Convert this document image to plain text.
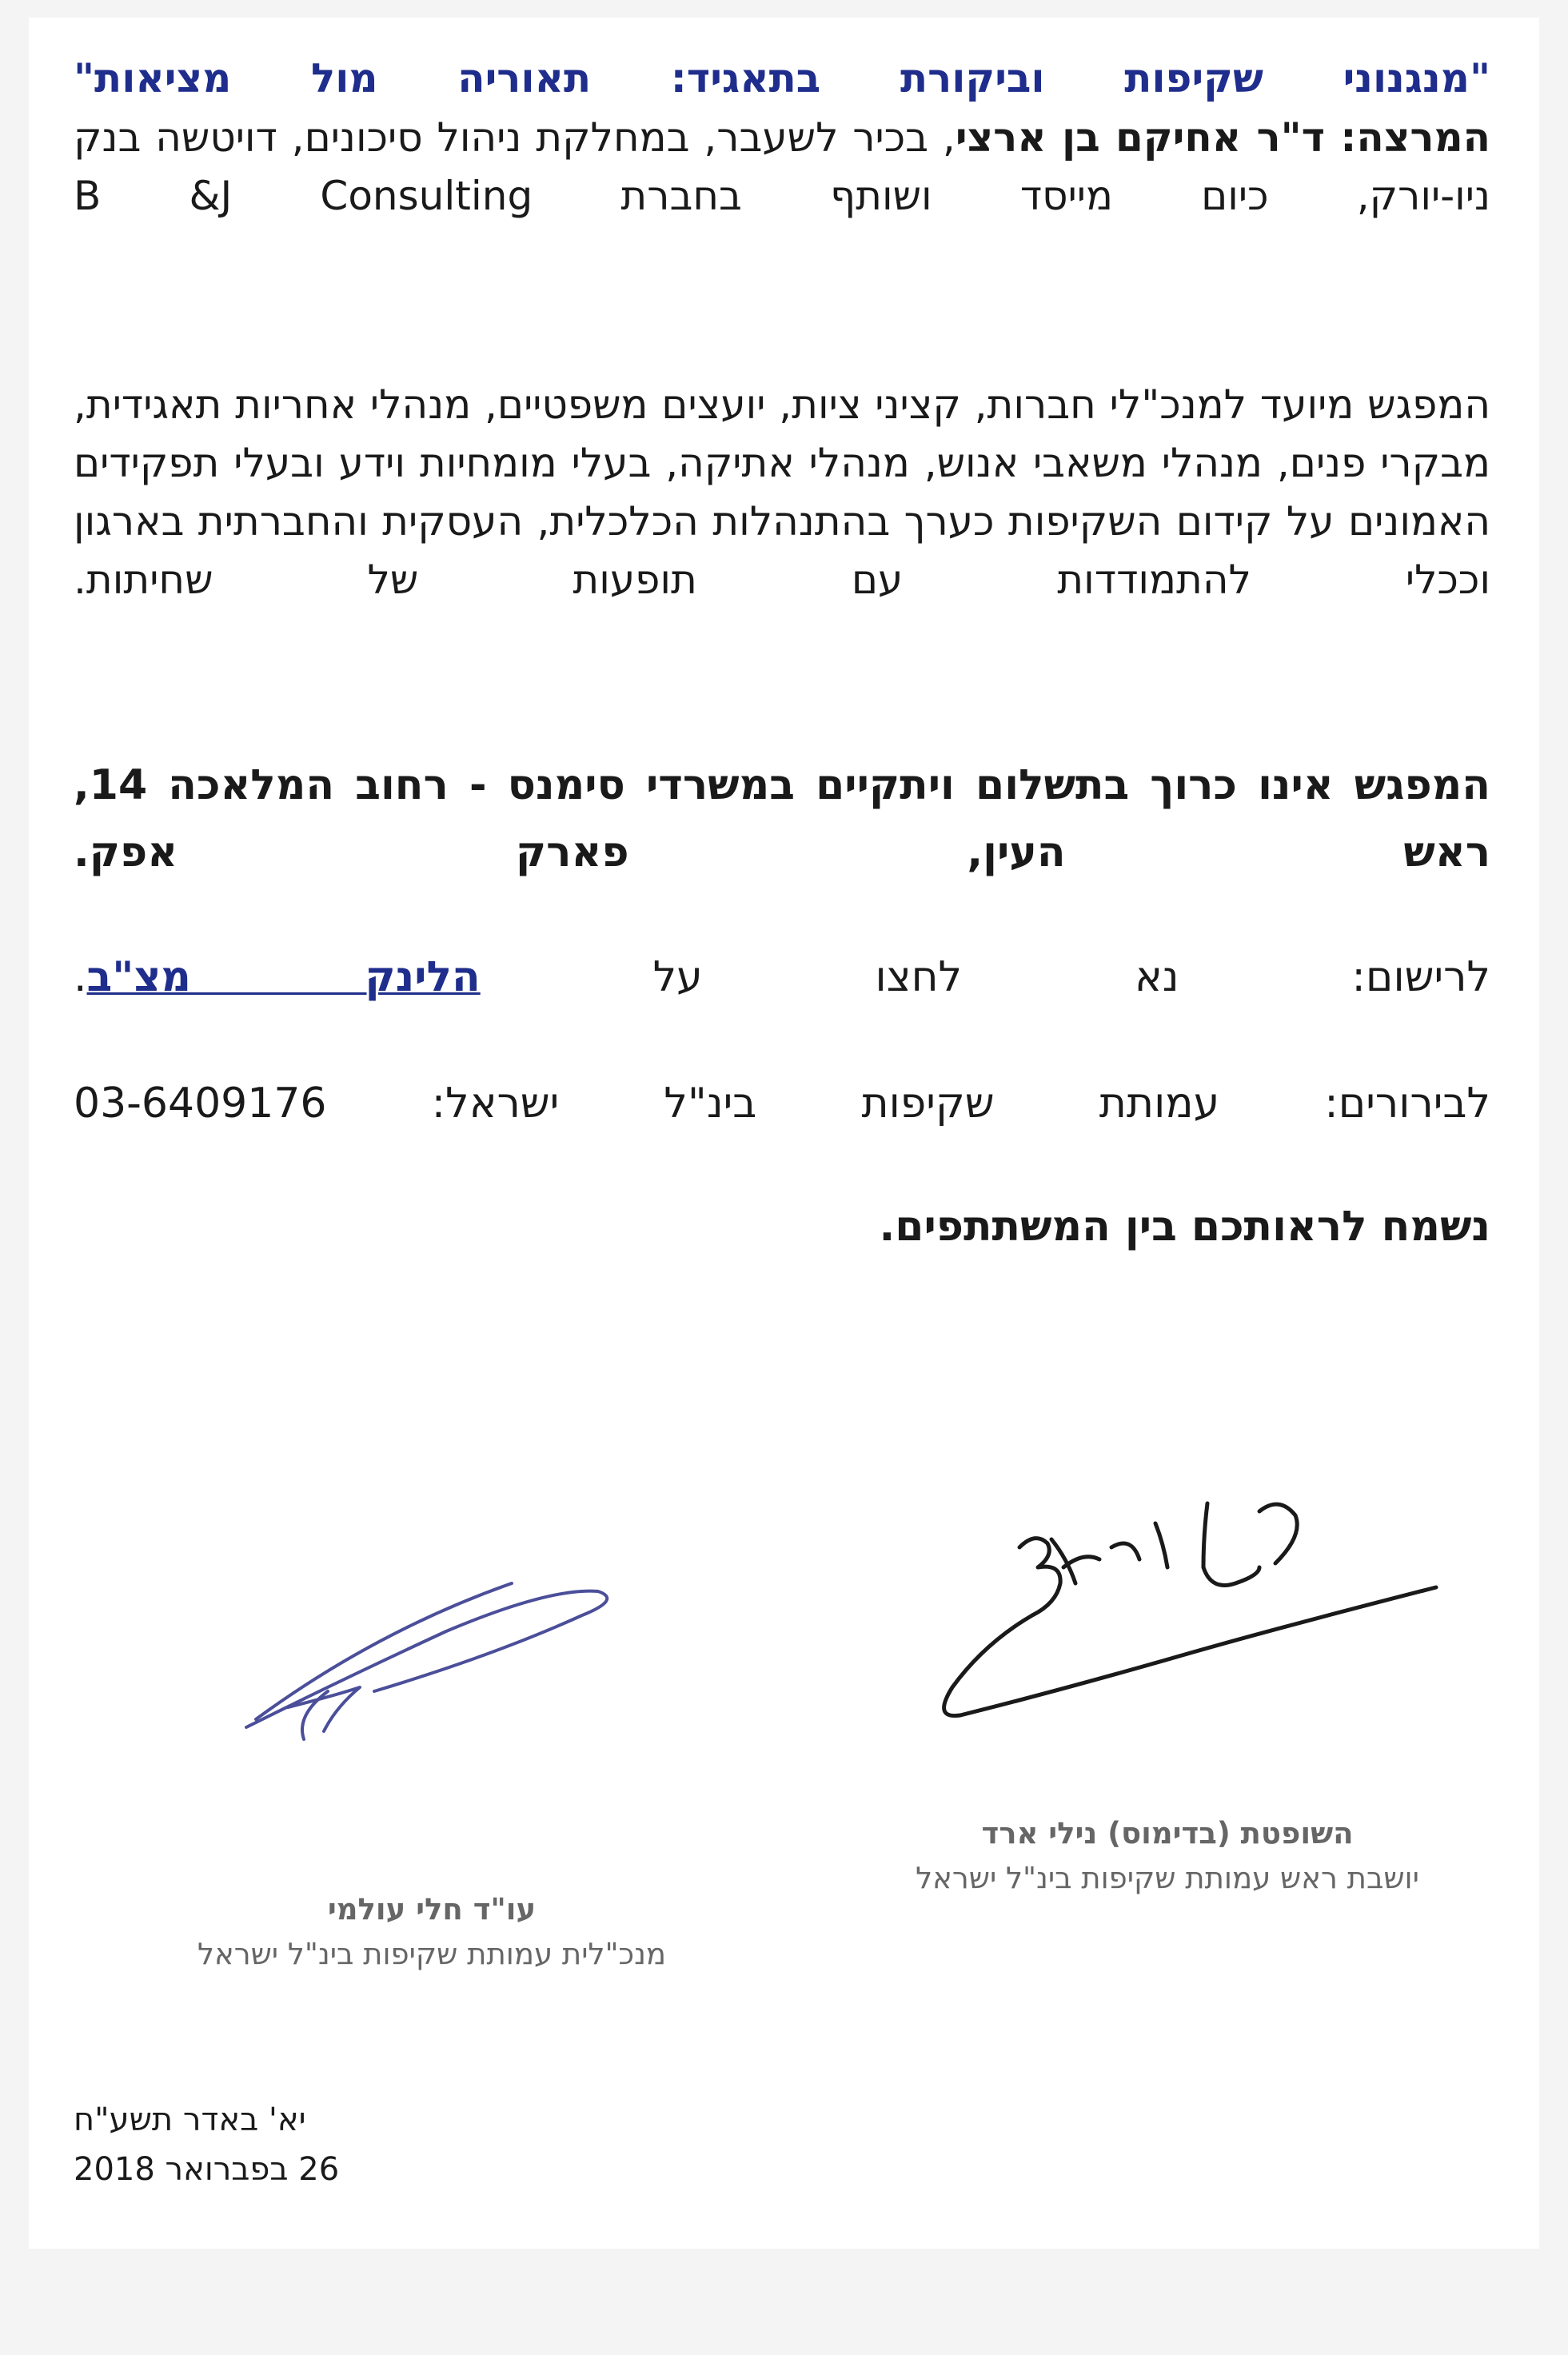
"מנגנוני שקיפות וביקורת בתאגיד: תאוריה מול מציאות"
המרצה: ד"ר אחיקם בן ארצי, בכיר לשעבר, במחלקת ניהול סיכונים, דויטשה בנק ניו-יורק, כיום מייסד ושותף בחברת B &J Consulting
המפגש מיועד למנכ"לי חברות, קציני ציות, יועצים משפטיים, מנהלי אחריות תאגידית, מבקרי פנים, מנהלי משאבי אנוש, מנהלי אתיקה, בעלי מומחיות וידע ובעלי תפקידים האמונים על קידום השקיפות כערך בהתנהלות הכלכלית, העסקית והחברתית בארגון וככלי להתמודדות עם תופעות של שחיתות.
המפגש אינו כרוך בתשלום ויתקיים במשרדי סימנס - רחוב המלאכה 14, ראש העין, פארק אפק.
לרישום: נא לחצו על הלינק מצ"ב.
לבירורים: עמותת שקיפות בינ"ל ישראל: 03-6409176
נשמח לראותכם בין המשתתפים.
השופטת (בדימוס) נילי ארד
יושבת ראש עמותת שקיפות בינ"ל ישראל
עו"ד חלי עולמי
מנכ"לית עמותת שקיפות בינ"ל ישראל
יא' באדר תשע"ח
26 בפברואר 2018
